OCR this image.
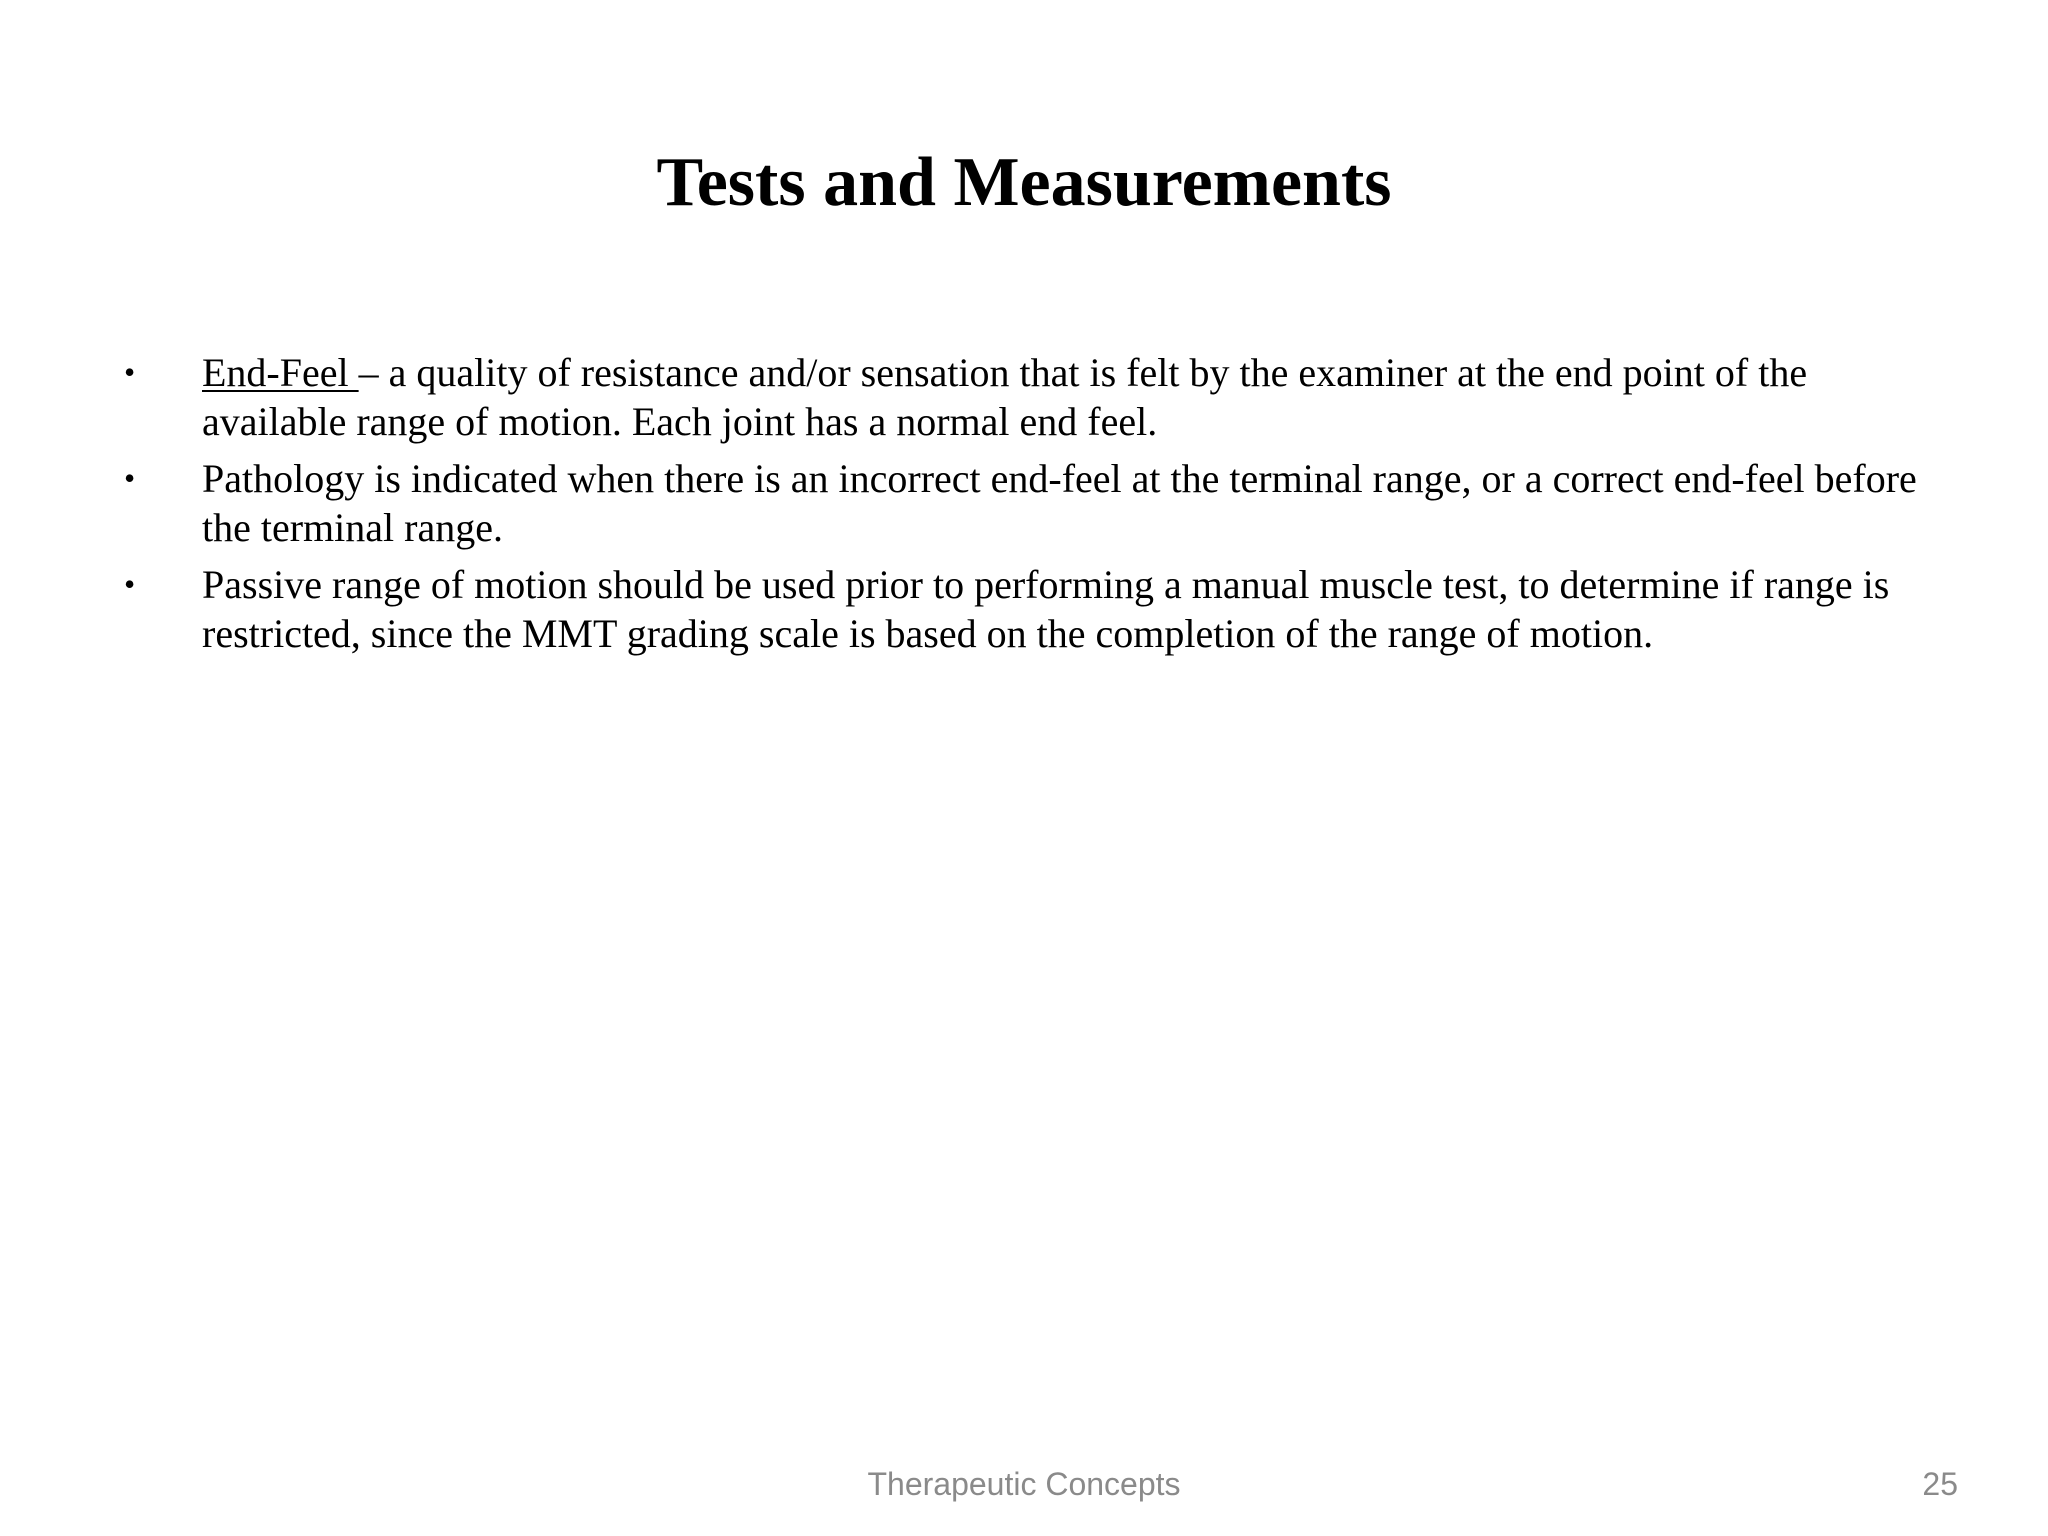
Tests and Measurements
• End-Feel – a quality of resistance and/or sensation that is felt by the examiner at the end point of the available range of motion. Each joint has a normal end feel.
• Pathology is indicated when there is an incorrect end-feel at the terminal range, or a correct end-feel before the terminal range.
• Passive range of motion should be used prior to performing a manual muscle test, to determine if range is restricted, since the MMT grading scale is based on the completion of the range of motion.
Therapeutic Concepts	25
